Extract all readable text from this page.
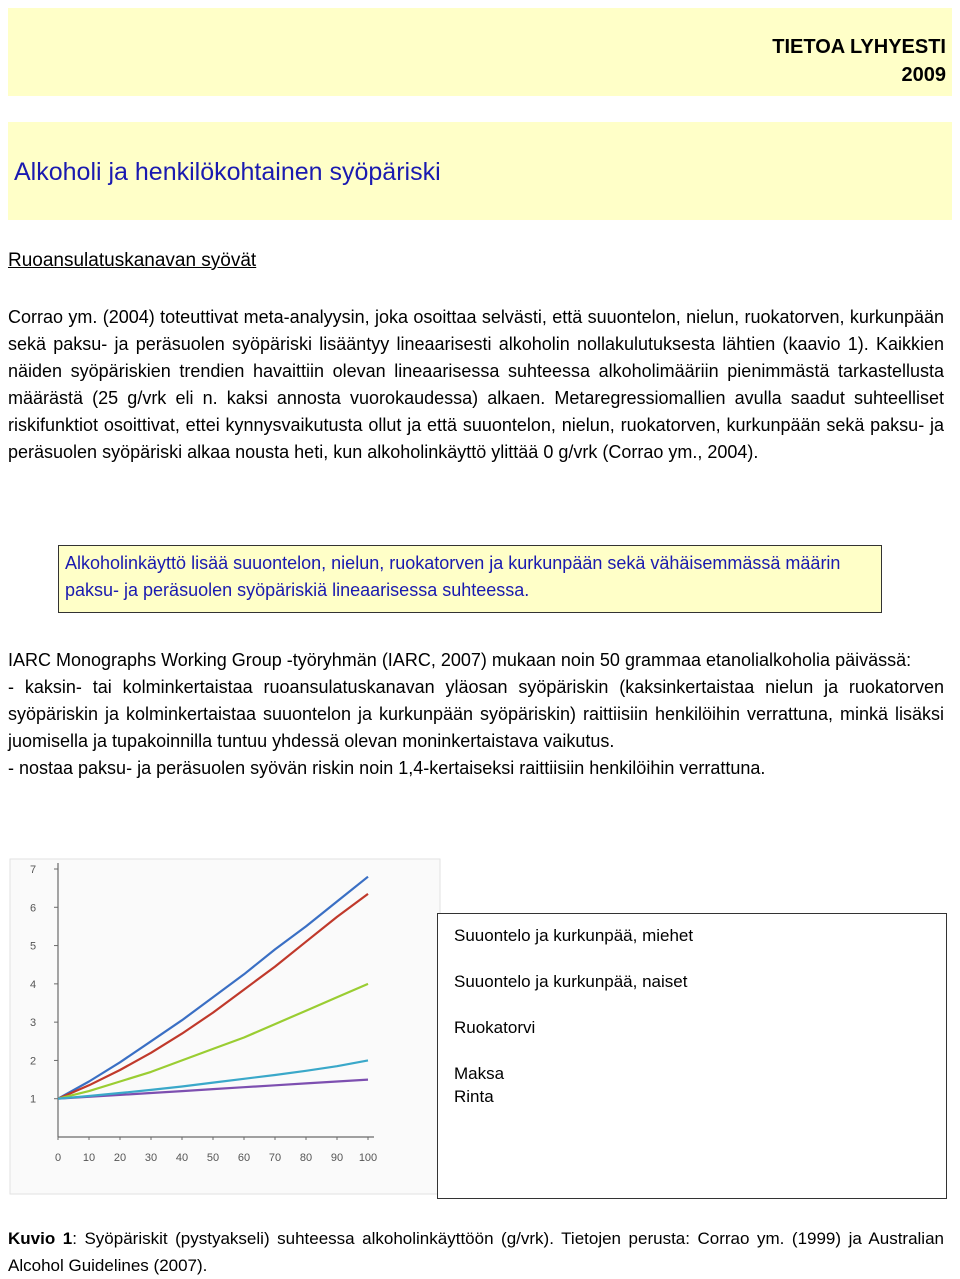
TIETOA LYHYESTI
2009
Alkoholi ja henkilökohtainen syöpäriski
Ruoansulatuskanavan syövät

Corrao ym. (2004) toteuttivat meta-analyysin, joka osoittaa selvästi, että suuontelon, nielun, ruokatorven, kurkunpään sekä paksu- ja peräsuolen syöpäriski lisääntyy lineaarisesti alkoholin nollakulutuksesta lähtien (kaavio 1). Kaikkien näiden syöpäriskien trendien havaittiin olevan lineaarisessa suhteessa alkoholimääriin pienimmästä tarkastellusta määrästä (25 g/vrk eli n. kaksi annosta vuorokaudessa) alkaen. Metaregressiomallien avulla saadut suhteelliset riskifunktiot osoittivat, ettei kynnysvaikutusta ollut ja että suuontelon, nielun, ruokatorven, kurkunpään sekä paksu- ja peräsuolen syöpäriski alkaa nousta heti, kun alkoholinkäyttö ylittää 0 g/vrk (Corrao ym., 2004).

Alkoholinkäyttö lisää suuontelon, nielun, ruokatorven ja kurkunpään sekä vähäisemmässä määrin paksu- ja peräsuolen syöpäriskiä lineaarisessa suhteessa.

IARC Monographs Working Group -työryhmän (IARC, 2007) mukaan noin 50 grammaa etanolialkoholia päivässä:
- kaksin- tai kolminkertaistaa ruoansulatuskanavan yläosan syöpäriskin (kaksinkertaistaa nielun ja ruokatorven syöpäriskin ja kolminkertaistaa suuontelon ja kurkunpään syöpäriskin) raittiisiin henkilöihin verrattuna, minkä lisäksi juomisella ja tupakoinnilla tuntuu yhdessä olevan moninkertaistava vaikutus.
- nostaa paksu- ja peräsuolen syövän riskin noin 1,4-kertaiseksi raittiisiin henkilöihin verrattuna.
1
2
3
4
5
6
7
0 10 20 30 40 50 60 70 80 90 100
Suuontelo ja kurkunpää, miehet
Suuontelo ja kurkunpää, naiset
Ruokatorvi
Maksa
Rinta

Kuvio 1: Syöpäriskit (pystyakseli) suhteessa alkoholinkäyttöön (g/vrk). Tietojen perusta: Corrao ym. (1999) ja Australian Alcohol Guidelines (2007).
